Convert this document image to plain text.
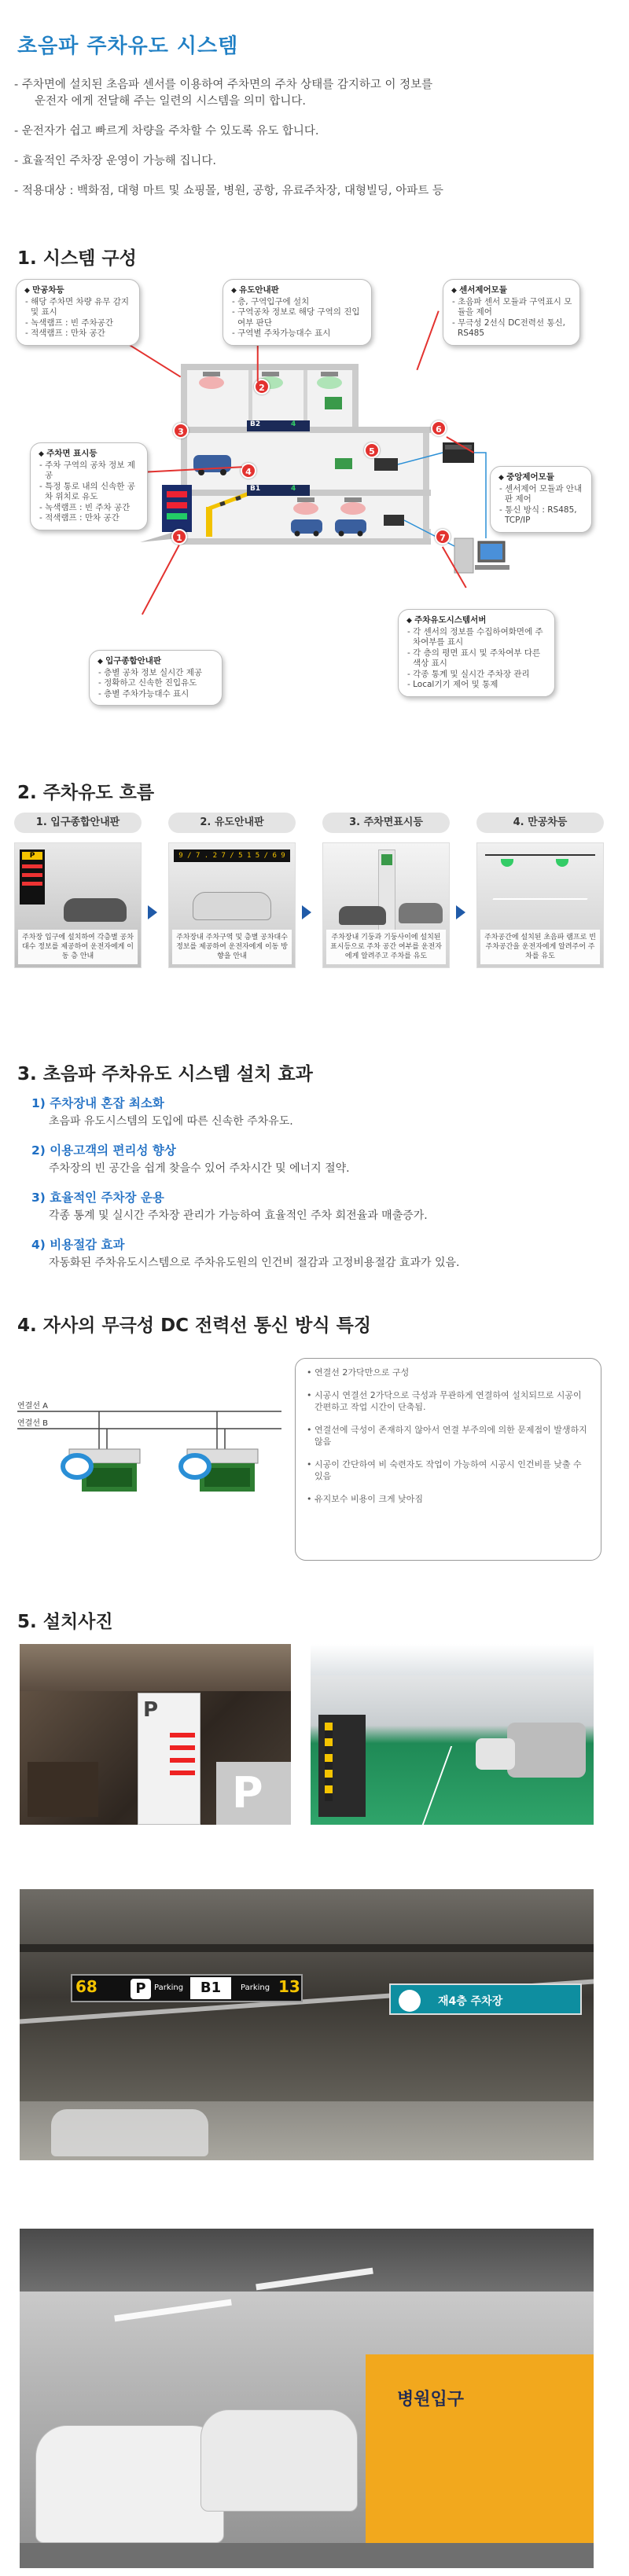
초음파 주차유도 시스템

- 주차면에 설치된 초음파 센서를 이용하여 주차면의 주차 상태를 감지하고 이 정보를
운전자 에게 전달해 주는 일련의 시스템을 의미 합니다.

- 운전자가 쉽고 빠르게 차량을 주차할 수 있도록 유도 합니다.

- 효율적인 주차장 운영이 가능해 집니다.

- 적용대상 : 백화점, 대형 마트 및 쇼핑몰, 병원, 공항, 유료주차장, 대형빌딩, 아파트 등

1. 시스템 구성
B2	4
B1	4
1
2
3
4
5
6
7
◆ 만공차등
- 해당 주차면 차량 유무 감지 및 표시
- 녹색램프 : 빈 주차공간
- 적색램프 : 만차 공간
◆ 유도안내판
- 층, 구역입구에 설치
- 구역공차 정보로 해당 구역의 진입 여부 판단
- 구역별 주차가능대수 표시
◆ 센서제어모듈
- 초음파 센서 모듈과 구역표시 모듈을 제어
- 무극성 2선식 DC전력선 통신, RS485
◆ 주차면 표시등
- 주차 구역의 공차 정보 제공
- 특정 통로 내의 신속한 공차 위치로 유도
- 녹색램프 : 빈 주차 공간
- 적색램프 : 만차 공간
◆ 중앙제어모듈
- 센서제어 모듈과 안내판 제어
- 통신 방식 : RS485, TCP/IP
◆ 주차유도시스템서버
- 각 센서의 정보를 수집하여화면에 주차여부를 표시
- 각 층의 평면 표시 및 주차여부 다른 색상 표시
- 각종 통계 및 실시간 주차장 관리
- Local기기 제어 및 통제
◆ 입구종합안내판
- 층별 공차 정보 실시간 제공
- 정확하고 신속한 진입유도
- 층별 주차가능대수 표시
2. 주차유도 흐름
1. 입구종합안내판
P
주차장 입구에 설치하여 각층별 공차대수 정보를 제공하여 운전자에게 이동 층 안내
2. 유도안내판
9 / 7 . 2 7 / 5 1 5 / 6 9
주차장내 주차구역 및 층별 공차대수 정보를 제공하여 운전자에게 이동 방향을 안내
3. 주차면표시등
주차장내 기둥과 기둥사이에 설치된 표시등으로 주차 공간 여부를 운전자에게 알려주고 주차를 유도
4. 만공차등
주차공간에 설치된 초음파 램프로 빈 주차공간을 운전자에게 알려주어 주차를 유도
3. 초음파 주차유도 시스템 설치 효과
1) 주차장내 혼잡 최소화
초음파 유도시스템의 도입에 따른 신속한 주차유도.
2) 이용고객의 편리성 향상
주차장의 빈 공간을 쉽게 찾을수 있어 주차시간 및 에너지 절약.
3) 효율적인 주차장 운용
각종 통계 및 실시간 주차장 관리가 가능하여 효율적인 주차 회전율과 매출증가.
4) 비용절감 효과
자동화된 주차유도시스템으로 주차유도원의 인건비 절감과 고정비용절감 효과가 있음.
4. 자사의 무극성 DC 전력선 통신 방식 특징
연결선 A
연결선 B
• 연결선 2가닥만으로 구성
• 시공시 연결선 2가닥으로 극성과 무관하게 연결하여 설치되므로 시공이 간편하고 작업 시간이 단축됨.
• 연결선에 극성이 존재하지 않아서 연결 부주의에 의한 문제점이 발생하지 않음
• 시공이 간단하여 비 숙련자도 작업이 가능하여 시공시 인건비를 낮출 수 있음
• 유지보수 비용이 크게 낮아짐
5. 설치사진
P
P
68	P	Parking	B1	Parking 13
재4층 주차장
병원입구
